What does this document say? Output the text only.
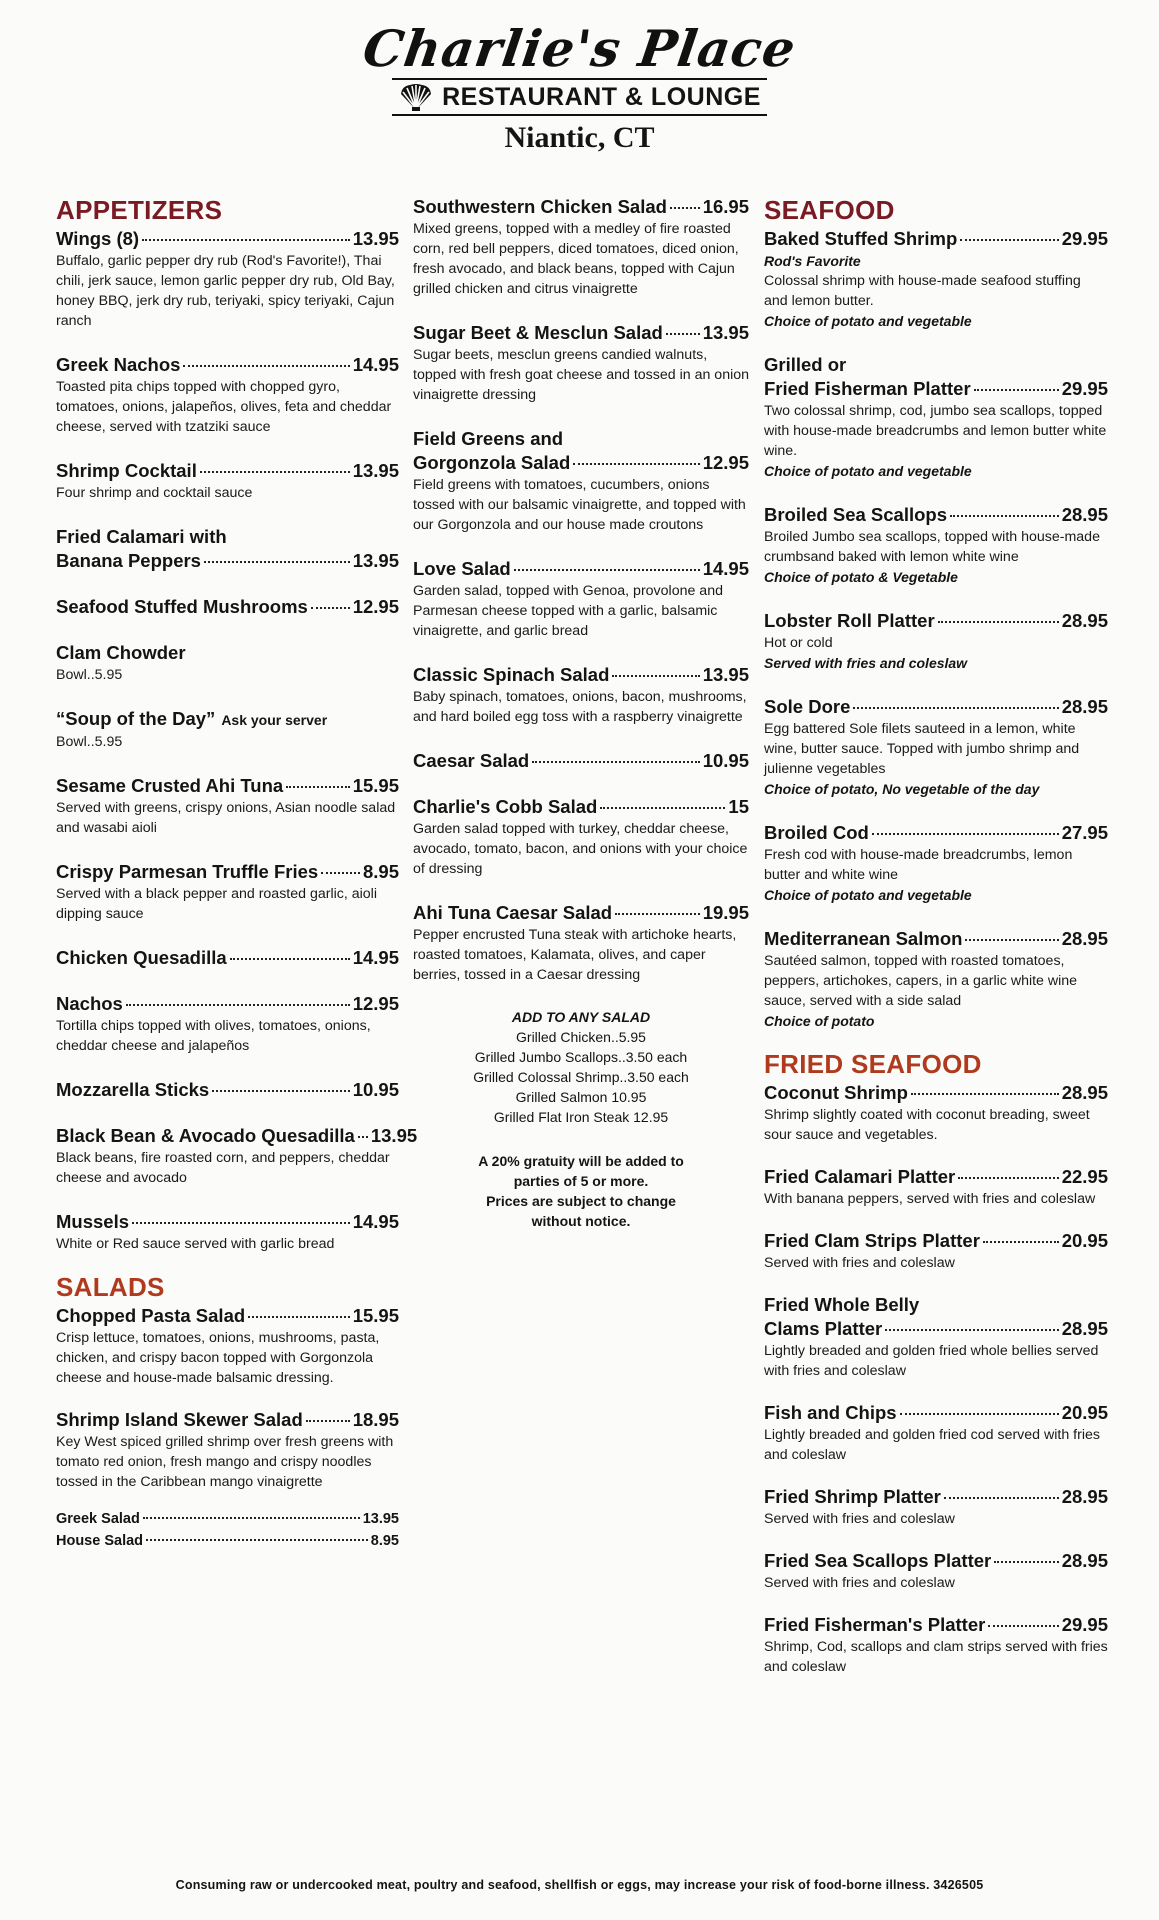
Charlie's Place
RESTAURANT & LOUNGE
Niantic, CT
APPETIZERS
Wings (8)	13.95
Buffalo, garlic pepper dry rub (Rod's Favorite!), Thai chili, jerk sauce, lemon garlic pepper dry rub, Old Bay, honey BBQ, jerk dry rub, teriyaki, spicy teriyaki, Cajun ranch
Greek Nachos	14.95
Toasted pita chips topped with chopped gyro, tomatoes, onions, jalapeños, olives, feta and cheddar cheese, served with tzatziki sauce
Shrimp Cocktail	13.95
Four shrimp and cocktail sauce
Fried Calamari with
Banana Peppers	13.95
Seafood Stuffed Mushrooms 12.95
Clam Chowder
Bowl..5.95
“Soup of the Day” Ask your server
Bowl..5.95
Sesame Crusted Ahi Tuna	15.95
Served with greens, crispy onions, Asian noodle salad and wasabi aioli
Crispy Parmesan Truffle Fries 8.95
Served with a black pepper and roasted garlic, aioli dipping sauce
Chicken Quesadilla	14.95
Nachos	12.95
Tortilla chips topped with olives, tomatoes, onions, cheddar cheese and jalapeños
Mozzarella Sticks	10.95
Black Bean & Avocado Quesadilla 13.95
Black beans, fire roasted corn, and peppers, cheddar cheese and avocado
Mussels	14.95
White or Red sauce served with garlic bread
SALADS
Chopped Pasta Salad	15.95
Crisp lettuce, tomatoes, onions, mushrooms, pasta, chicken, and crispy bacon topped with Gorgonzola cheese and house-made balsamic dressing.
Shrimp Island Skewer Salad	18.95
Key West spiced grilled shrimp over fresh greens with tomato red onion, fresh mango and crispy noodles tossed in the Caribbean mango vinaigrette
Greek Salad	13.95
House Salad	8.95
Southwestern Chicken Salad 16.95
Mixed greens, topped with a medley of fire roasted corn, red bell peppers, diced tomatoes, diced onion, fresh avocado, and black beans, topped with Cajun grilled chicken and citrus vinaigrette
Sugar Beet & Mesclun Salad 13.95
Sugar beets, mesclun greens candied walnuts, topped with fresh goat cheese and tossed in an onion vinaigrette dressing
Field Greens and
Gorgonzola Salad	12.95
Field greens with tomatoes, cucumbers, onions tossed with our balsamic vinaigrette, and topped with our Gorgonzola and our house made croutons
Love Salad	14.95
Garden salad, topped with Genoa, provolone and Parmesan cheese topped with a garlic, balsamic vinaigrette, and garlic bread
Classic Spinach Salad	13.95
Baby spinach, tomatoes, onions, bacon, mushrooms, and hard boiled egg toss with a raspberry vinaigrette
Caesar Salad	10.95
Charlie's Cobb Salad	15
Garden salad topped with turkey, cheddar cheese, avocado, tomato, bacon, and onions with your choice of dressing
Ahi Tuna Caesar Salad	19.95
Pepper encrusted Tuna steak with artichoke hearts, roasted tomatoes, Kalamata, olives, and caper berries, tossed in a Caesar dressing
ADD TO ANY SALAD
Grilled Chicken..5.95
Grilled Jumbo Scallops..3.50 each
Grilled Colossal Shrimp..3.50 each
Grilled Salmon 10.95
Grilled Flat Iron Steak 12.95
A 20% gratuity will be added to
parties of 5 or more.
Prices are subject to change
without notice.
SEAFOOD
Baked Stuffed Shrimp	29.95
Rod's Favorite
Colossal shrimp with house-made seafood stuffing and lemon butter.
Choice of potato and vegetable
Grilled or
Fried Fisherman Platter	29.95
Two colossal shrimp, cod, jumbo sea scallops, topped with house-made breadcrumbs and lemon butter white wine.
Choice of potato and vegetable
Broiled Sea Scallops	28.95
Broiled Jumbo sea scallops, topped with house-made crumbsand baked with lemon white wine
Choice of potato & Vegetable
Lobster Roll Platter	28.95
Hot or cold
Served with fries and coleslaw
Sole Dore	28.95
Egg battered Sole filets sauteed in a lemon, white wine, butter sauce. Topped with jumbo shrimp and julienne vegetables
Choice of potato, No vegetable of the day
Broiled Cod	27.95
Fresh cod with house-made breadcrumbs, lemon butter and white wine
Choice of potato and vegetable
Mediterranean Salmon	28.95
Sautéed salmon, topped with roasted tomatoes, peppers, artichokes, capers, in a garlic white wine sauce, served with a side salad
Choice of potato
FRIED SEAFOOD
Coconut Shrimp	28.95
Shrimp slightly coated with coconut breading, sweet sour sauce and vegetables.
Fried Calamari Platter	22.95
With banana peppers, served with fries and coleslaw
Fried Clam Strips Platter	20.95
Served with fries and coleslaw
Fried Whole Belly
Clams Platter	28.95
Lightly breaded and golden fried whole bellies served with fries and coleslaw
Fish and Chips	20.95
Lightly breaded and golden fried cod served with fries and coleslaw
Fried Shrimp Platter	28.95
Served with fries and coleslaw
Fried Sea Scallops Platter	28.95
Served with fries and coleslaw
Fried Fisherman's Platter	29.95
Shrimp, Cod, scallops and clam strips served with fries and coleslaw
Consuming raw or undercooked meat, poultry and seafood, shellfish or eggs, may increase your risk of food-borne illness. 3426505
